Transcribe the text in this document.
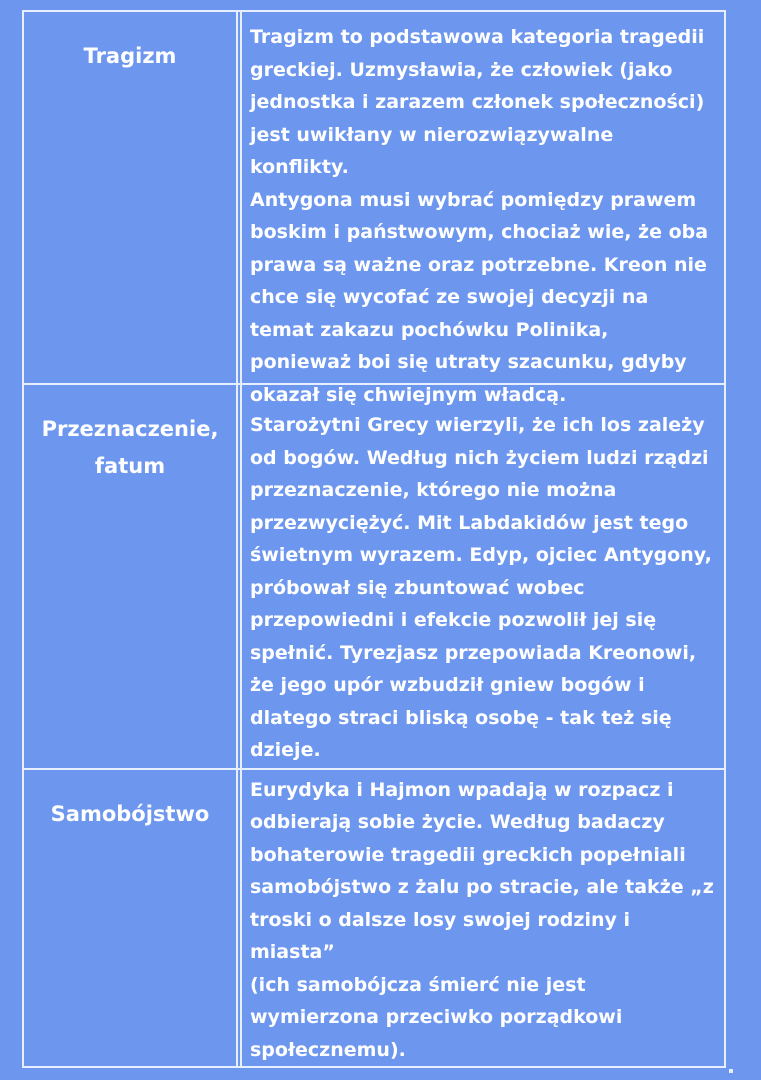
Tragizm
Tragizm to podstawowa kategoria tragedii
greckiej. Uzmysławia, że człowiek (jako
jednostka i zarazem członek społeczności)
jest uwikłany w nierozwiązywalne konflikty.
Antygona musi wybrać pomiędzy prawem
boskim i państwowym, chociaż wie, że oba
prawa są ważne oraz potrzebne. Kreon nie
chce się wycofać ze swojej decyzji na
temat zakazu pochówku Polinika,
ponieważ boi się utraty szacunku, gdyby
okazał się chwiejnym władcą.
Przeznaczenie,
fatum
Starożytni Grecy wierzyli, że ich los zależy
od bogów. Według nich życiem ludzi rządzi
przeznaczenie, którego nie można
przezwyciężyć. Mit Labdakidów jest tego
świetnym wyrazem. Edyp, ojciec Antygony,
próbował się zbuntować wobec
przepowiedni i efekcie pozwolił jej się
spełnić. Tyrezjasz przepowiada Kreonowi,
że jego upór wzbudził gniew bogów i
dlatego straci bliską osobę - tak też się
dzieje.
Samobójstwo
Eurydyka i Hajmon wpadają w rozpacz i
odbierają sobie życie. Według badaczy
bohaterowie tragedii greckich popełniali
samobójstwo z żalu po stracie, ale także „z
troski o dalsze losy swojej rodziny i miasta”
(ich samobójcza śmierć nie jest
wymierzona przeciwko porządkowi
społecznemu).
